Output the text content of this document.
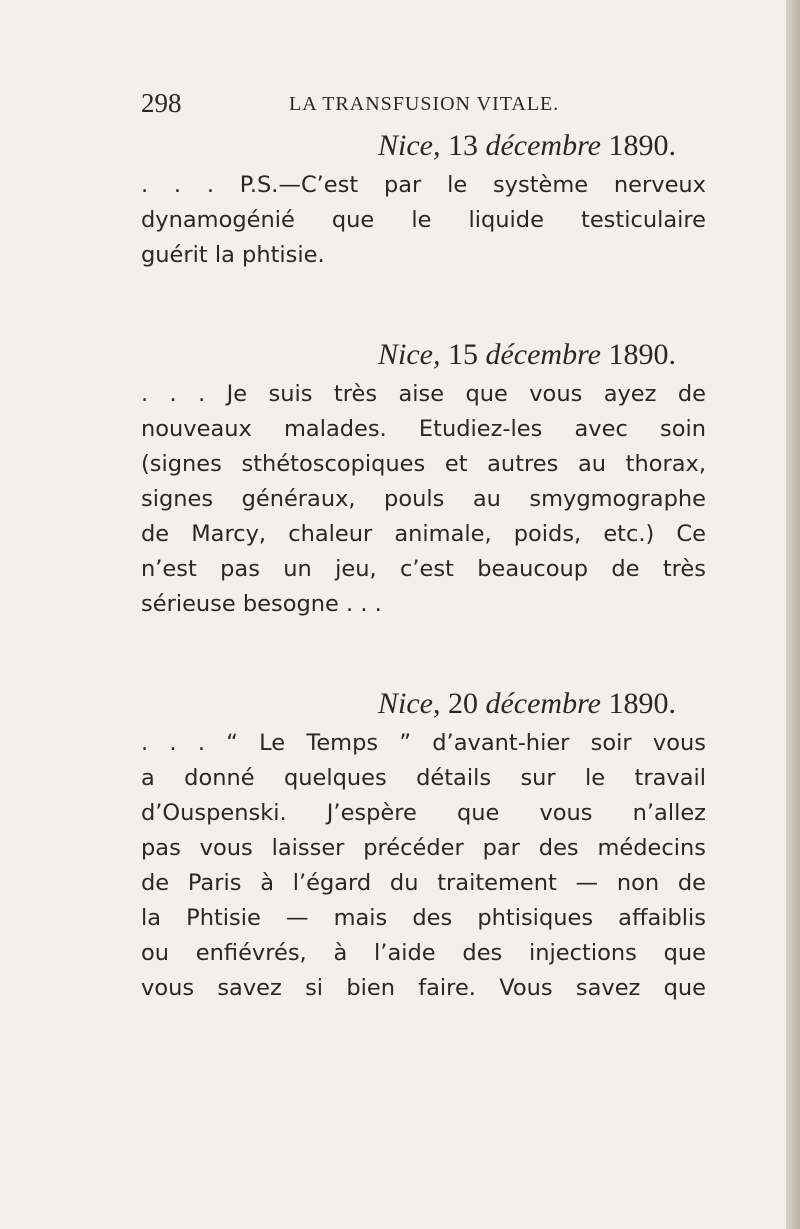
298	LA TRANSFUSION VITALE.
Nice, 13 décembre 1890.

. . . P.S.—C’est par le système nerveux
dynamogénié que le liquide testiculaire
guérit la phtisie.

Nice, 15 décembre 1890.

. . . Je suis très aise que vous ayez de
nouveaux malades. Etudiez-les avec soin
(signes sthétoscopiques et autres au thorax,
signes généraux, pouls au smygmographe
de Marcy, chaleur animale, poids, etc.) Ce
n’est pas un jeu, c’est beaucoup de très
sérieuse besogne . . .

Nice, 20 décembre 1890.

. . . “ Le Temps ” d’avant-hier soir vous
a donné quelques détails sur le travail
d’Ouspenski. J’espère que vous n’allez
pas vous laisser précéder par des médecins
de Paris à l’égard du traitement — non de
la Phtisie — mais des phtisiques affaiblis
ou enfiévrés, à l’aide des injections que
vous savez si bien faire. Vous savez que
